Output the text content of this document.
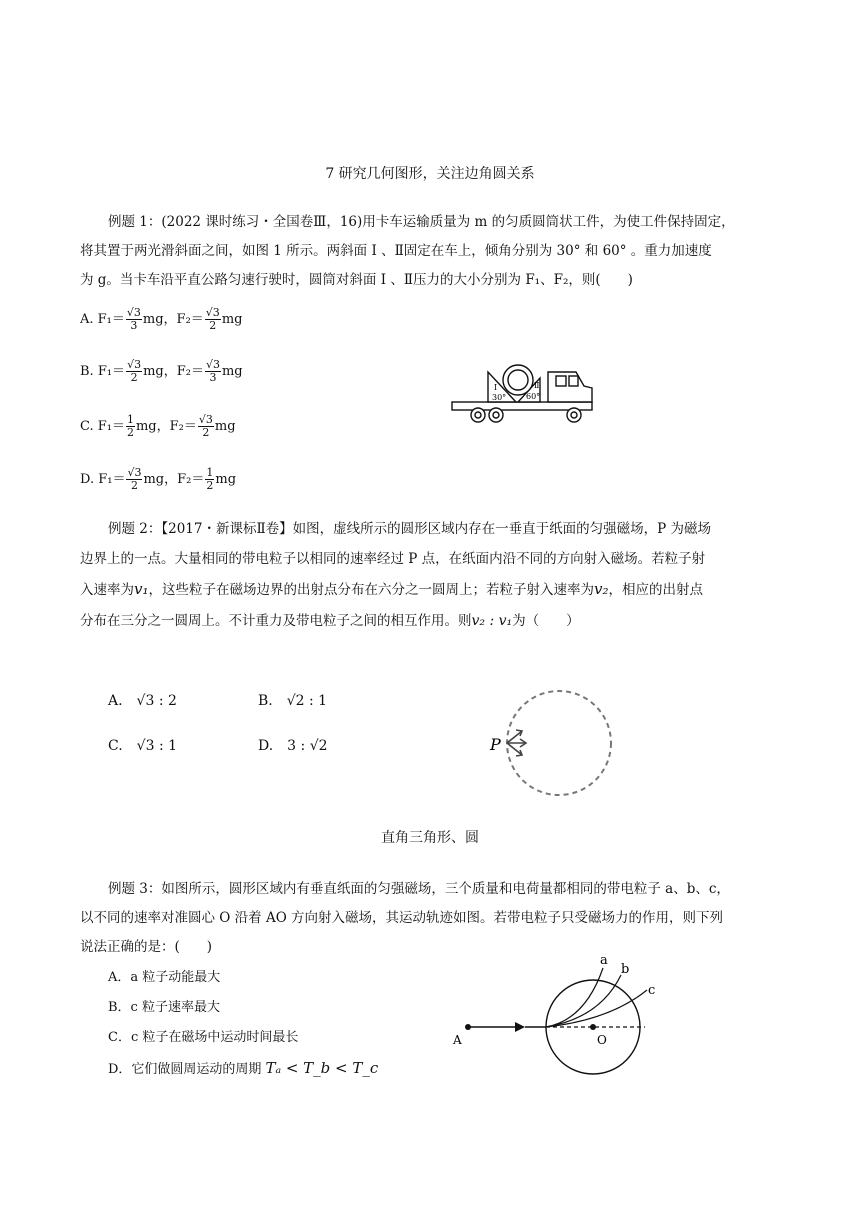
7 研究几何图形，关注边角圆关系
例题 1：(2022 课时练习・全国卷Ⅲ，16)用卡车运输质量为 m 的匀质圆筒状工件，为使工件保持固定，
将其置于两光滑斜面之间，如图 1 所示。两斜面 Ⅰ 、Ⅱ固定在车上，倾角分别为 30° 和 60° 。重力加速度
为 g。当卡车沿平直公路匀速行驶时，圆筒对斜面 Ⅰ 、Ⅱ压力的大小分别为 F₁、F₂，则(　　)
A. $F_1= \frac{√3}{3}$ mg，$F_2= \frac{√3}{2}$ mg
B. $F_1= \frac{√3}{2}$ mg，$F_2= \frac{√3}{3}$ mg
C. $F_1= \frac{1}{2}$ mg，$F_2= \frac{√3}{2}$ mg
D. $F_1= \frac{√3}{2}$ mg，$F_2= \frac{1}{2}$ mg
30° 60°
Ⅰ	Ⅱ
例题 2：【2017・新课标Ⅱ卷】如图，虚线所示的圆形区域内存在一垂直于纸面的匀强磁场，P 为磁场
边界上的一点。大量相同的带电粒子以相同的速率经过 P 点，在纸面内沿不同的方向射入磁场。若粒子射
入速率为v₁，这些粒子在磁场边界的出射点分布在六分之一圆周上；若粒子射入速率为v₂，相应的出射点
分布在三分之一圆周上。不计重力及带电粒子之间的相互作用。则v₂ : v₁为（　　）
A.　√3 : 2	B.　√2 : 1
C.　√3 : 1	D.　3 : √2	P
直角三角形、圆
例题 3：如图所示，圆形区域内有垂直纸面的匀强磁场，三个质量和电荷量都相同的带电粒子 a、b、c，
以不同的速率对准圆心 O 沿着 AO 方向射入磁场，其运动轨迹如图。若带电粒子只受磁场力的作用，则下列
说法正确的是：(　　)
A．a 粒子动能最大
B．c 粒子速率最大
C．c 粒子在磁场中运动时间最长
D．它们做圆周运动的周期 Tₐ < T_b < T_c
a
b
c
A	O
